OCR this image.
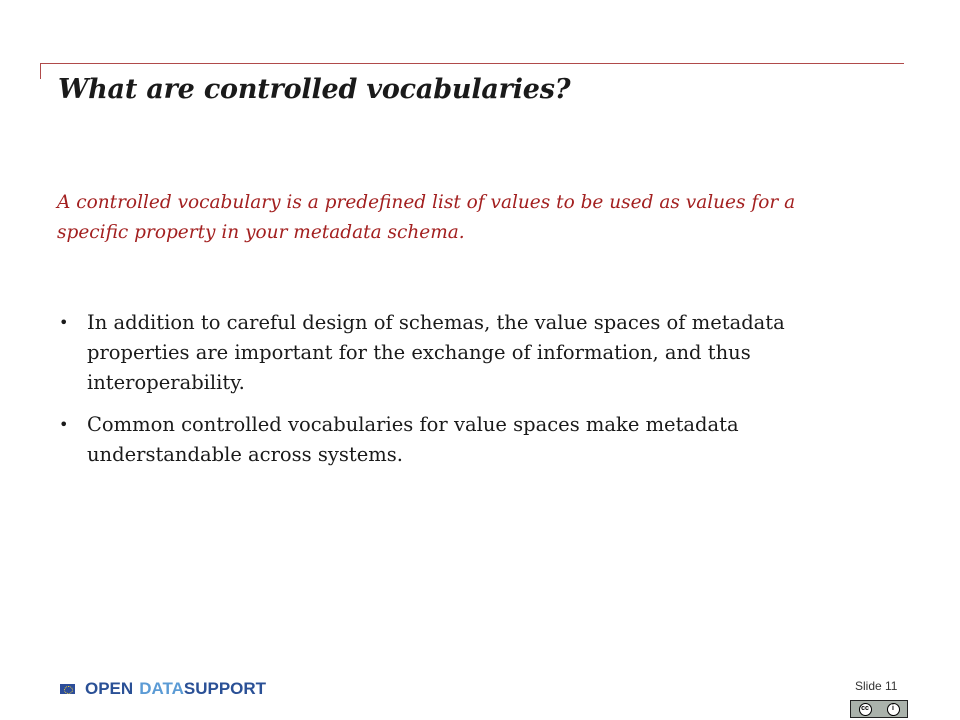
What are controlled vocabularies?
A controlled vocabulary is a predefined list of values to be used as values for a specific property in your metadata schema.
• In addition to careful design of schemas, the value spaces of metadata properties are important for the exchange of information, and thus interoperability.
• Common controlled vocabularies for value spaces make metadata understandable across systems.
OPEN DATA SUPPORT	Slide 11
cc	i
